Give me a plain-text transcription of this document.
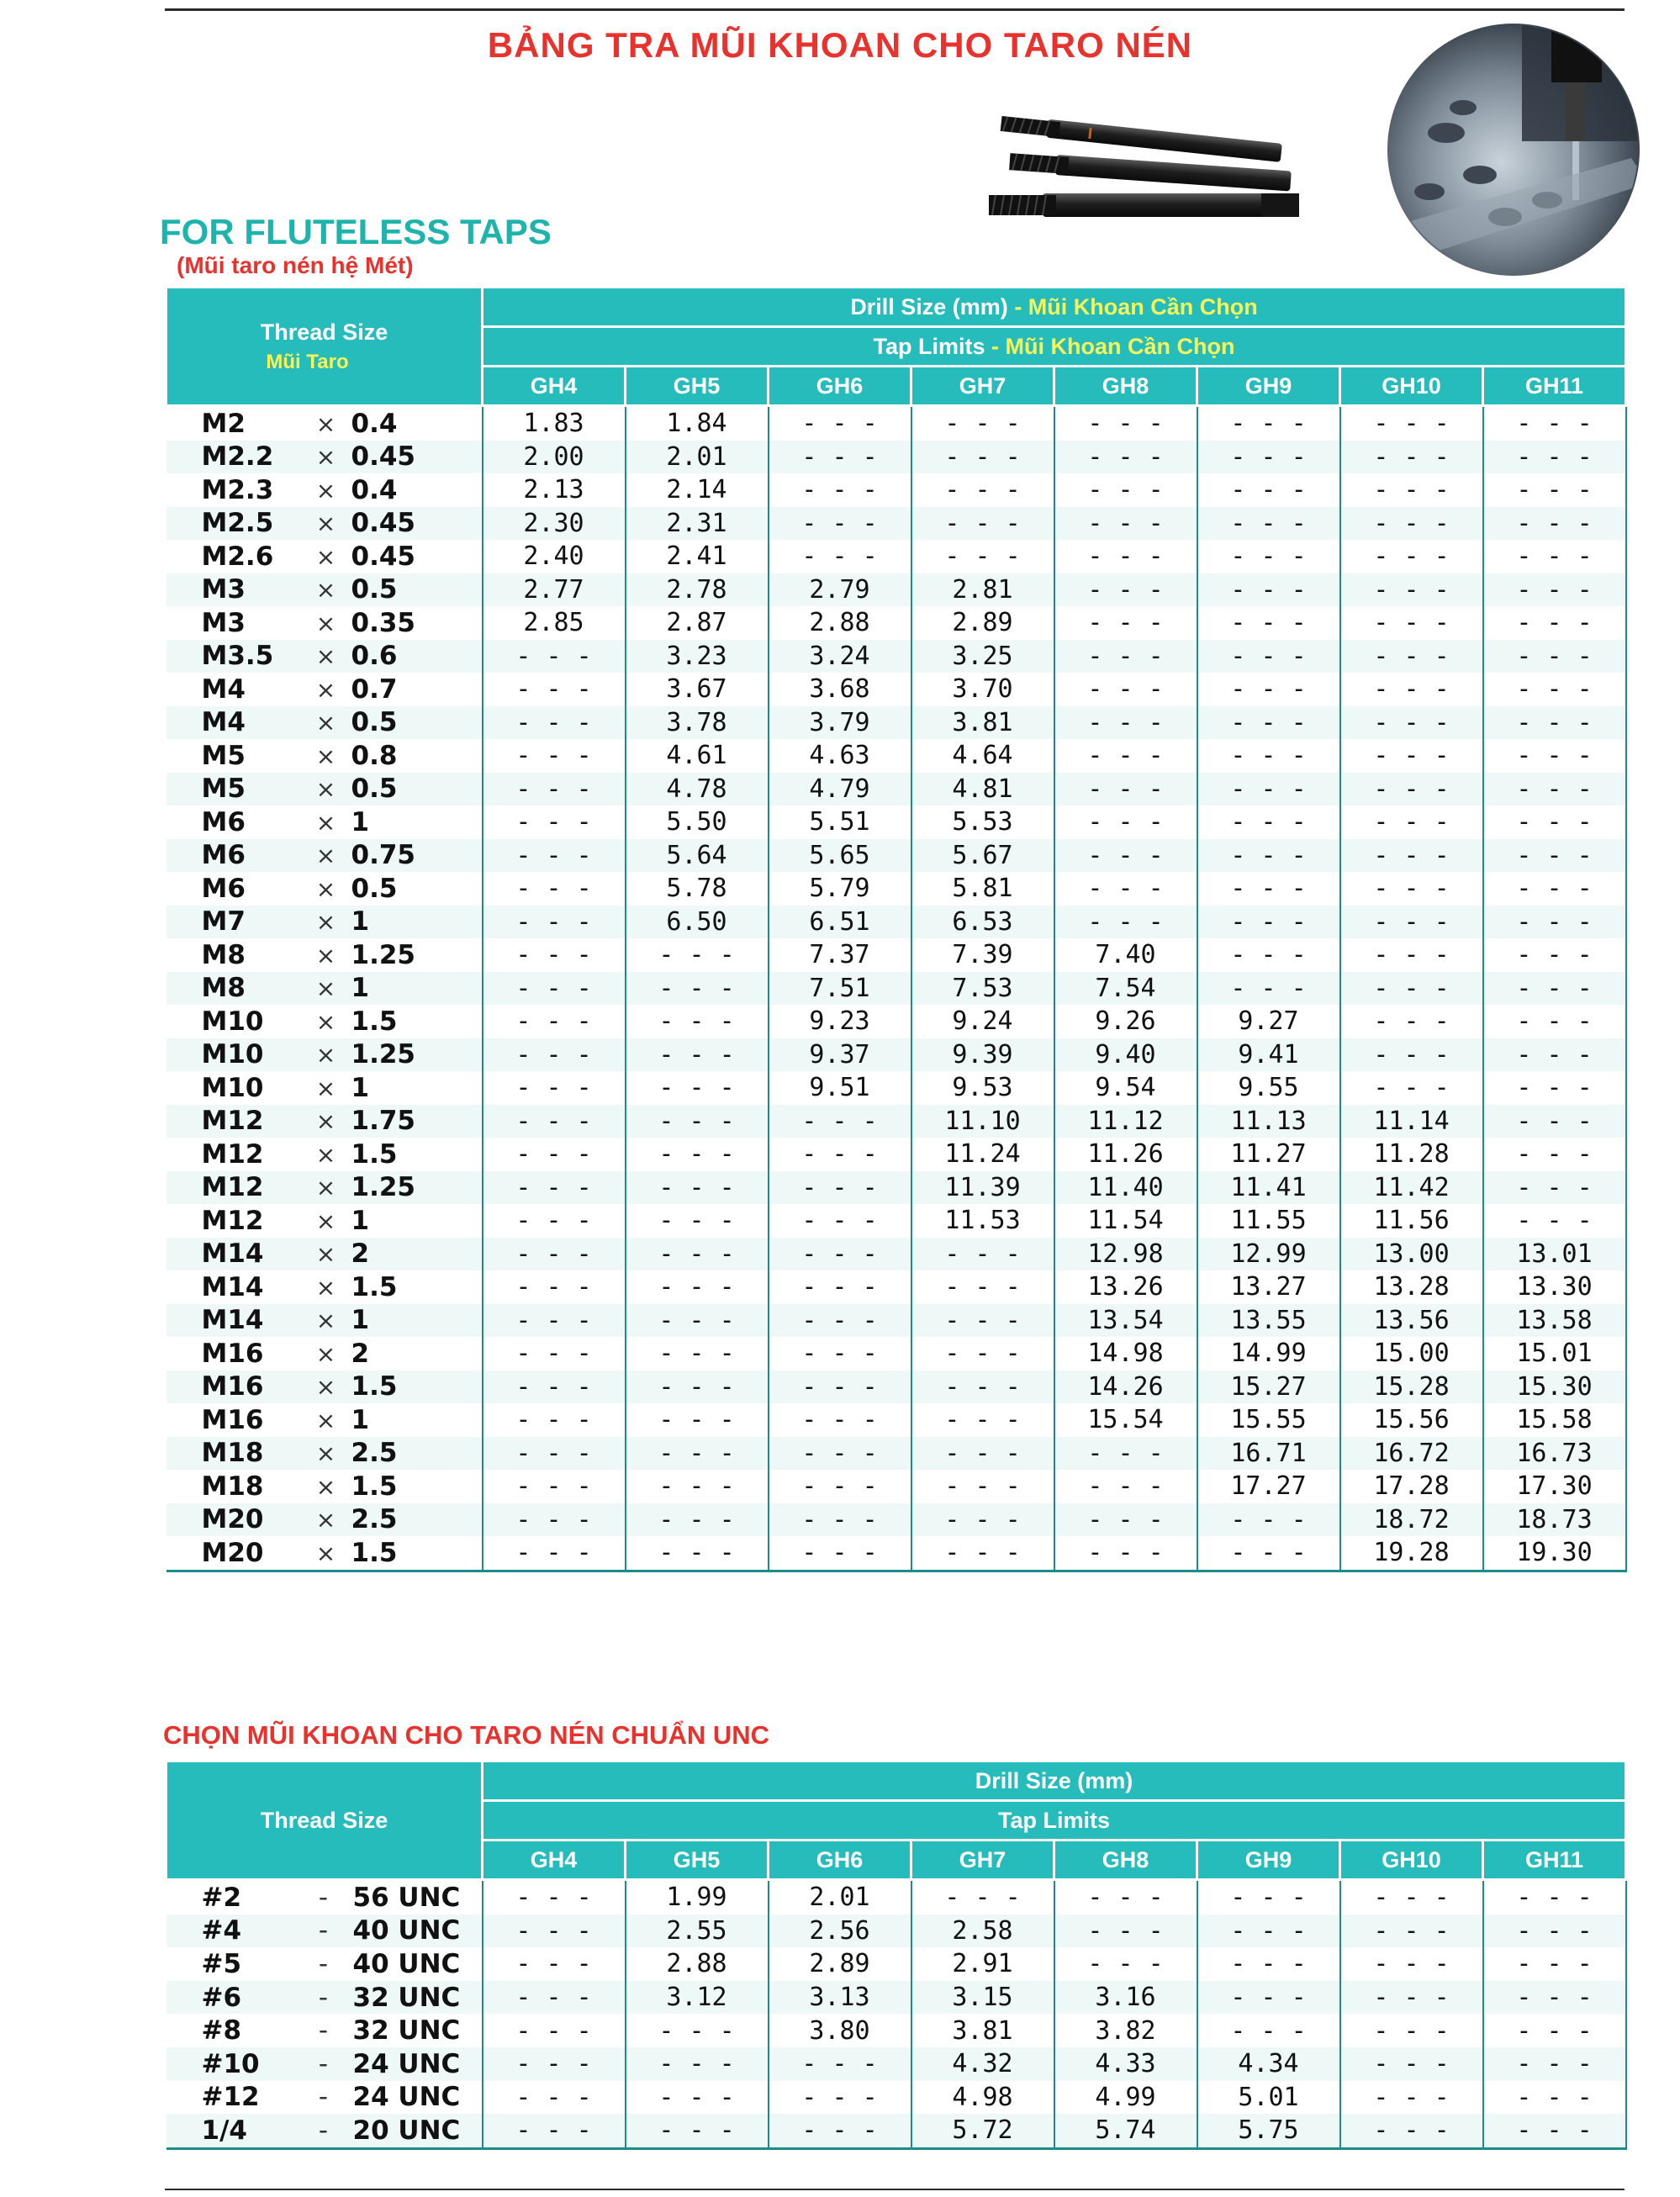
BẢNG TRA MŨI KHOAN CHO TARO NÉN
FOR FLUTELESS TAPS
(Mũi taro nén hệ Mét)
Thread Size
Mũi Taro	Drill Size (mm) - Mũi Khoan Cần Chọn							
	Tap Limits - Mũi Khoan Cần Chọn							
	GH4	GH5	GH6	GH7	GH8	GH9	GH10	GH11
M2 × 0.4	1.83	1.84	- - -	- - -	- - -	- - -	- - -	- - -
M2.2 × 0.45	2.00	2.01	- - -	- - -	- - -	- - -	- - -	- - -
M2.3 × 0.4	2.13	2.14	- - -	- - -	- - -	- - -	- - -	- - -
M2.5 × 0.45	2.30	2.31	- - -	- - -	- - -	- - -	- - -	- - -
M2.6 × 0.45	2.40	2.41	- - -	- - -	- - -	- - -	- - -	- - -
M3 × 0.5	2.77	2.78	2.79	2.81	- - -	- - -	- - -	- - -
M3 × 0.35	2.85	2.87	2.88	2.89	- - -	- - -	- - -	- - -
M3.5 × 0.6	- - -	3.23	3.24	3.25	- - -	- - -	- - -	- - -
M4 × 0.7	- - -	3.67	3.68	3.70	- - -	- - -	- - -	- - -
M4 × 0.5	- - -	3.78	3.79	3.81	- - -	- - -	- - -	- - -
M5 × 0.8	- - -	4.61	4.63	4.64	- - -	- - -	- - -	- - -
M5 × 0.5	- - -	4.78	4.79	4.81	- - -	- - -	- - -	- - -
M6 × 1	- - -	5.50	5.51	5.53	- - -	- - -	- - -	- - -
M6 × 0.75	- - -	5.64	5.65	5.67	- - -	- - -	- - -	- - -
M6 × 0.5	- - -	5.78	5.79	5.81	- - -	- - -	- - -	- - -
M7 × 1	- - -	6.50	6.51	6.53	- - -	- - -	- - -	- - -
M8 × 1.25	- - -	- - -	7.37	7.39	7.40	- - -	- - -	- - -
M8 × 1	- - -	- - -	7.51	7.53	7.54	- - -	- - -	- - -
M10 × 1.5	- - -	- - -	9.23	9.24	9.26	9.27	- - -	- - -
M10 × 1.25	- - -	- - -	9.37	9.39	9.40	9.41	- - -	- - -
M10 × 1	- - -	- - -	9.51	9.53	9.54	9.55	- - -	- - -
M12 × 1.75	- - -	- - -	- - -	11.10	11.12	11.13	11.14	- - -
M12 × 1.5	- - -	- - -	- - -	11.24	11.26	11.27	11.28	- - -
M12 × 1.25	- - -	- - -	- - -	11.39	11.40	11.41	11.42	- - -
M12 × 1	- - -	- - -	- - -	11.53	11.54	11.55	11.56	- - -
M14 × 2	- - -	- - -	- - -	- - -	12.98	12.99	13.00	13.01
M14 × 1.5	- - -	- - -	- - -	- - -	13.26	13.27	13.28	13.30
M14 × 1	- - -	- - -	- - -	- - -	13.54	13.55	13.56	13.58
M16 × 2	- - -	- - -	- - -	- - -	14.98	14.99	15.00	15.01
M16 × 1.5	- - -	- - -	- - -	- - -	14.26	15.27	15.28	15.30
M16 × 1	- - -	- - -	- - -	- - -	15.54	15.55	15.56	15.58
M18 × 2.5	- - -	- - -	- - -	- - -	- - -	16.71	16.72	16.73
M18 × 1.5	- - -	- - -	- - -	- - -	- - -	17.27	17.28	17.30
M20 × 2.5	- - -	- - -	- - -	- - -	- - -	- - -	18.72	18.73
M20 × 1.5	- - -	- - -	- - -	- - -	- - -	- - -	19.28	19.30
CHỌN MŨI KHOAN CHO TARO NÉN CHUẨN UNC
Thread Size	Drill Size (mm)							
	Tap Limits							
	GH4	GH5	GH6	GH7	GH8	GH9	GH10	GH11
#2 - 56 UNC	- - -	1.99	2.01	- - -	- - -	- - -	- - -	- - -
#4 - 40 UNC	- - -	2.55	2.56	2.58	- - -	- - -	- - -	- - -
#5 - 40 UNC	- - -	2.88	2.89	2.91	- - -	- - -	- - -	- - -
#6 - 32 UNC	- - -	3.12	3.13	3.15	3.16	- - -	- - -	- - -
#8 - 32 UNC	- - -	- - -	3.80	3.81	3.82	- - -	- - -	- - -
#10 - 24 UNC	- - -	- - -	- - -	4.32	4.33	4.34	- - -	- - -
#12 - 24 UNC	- - -	- - -	- - -	4.98	4.99	5.01	- - -	- - -
1/4 - 20 UNC	- - -	- - -	- - -	5.72	5.74	5.75	- - -	- - -
